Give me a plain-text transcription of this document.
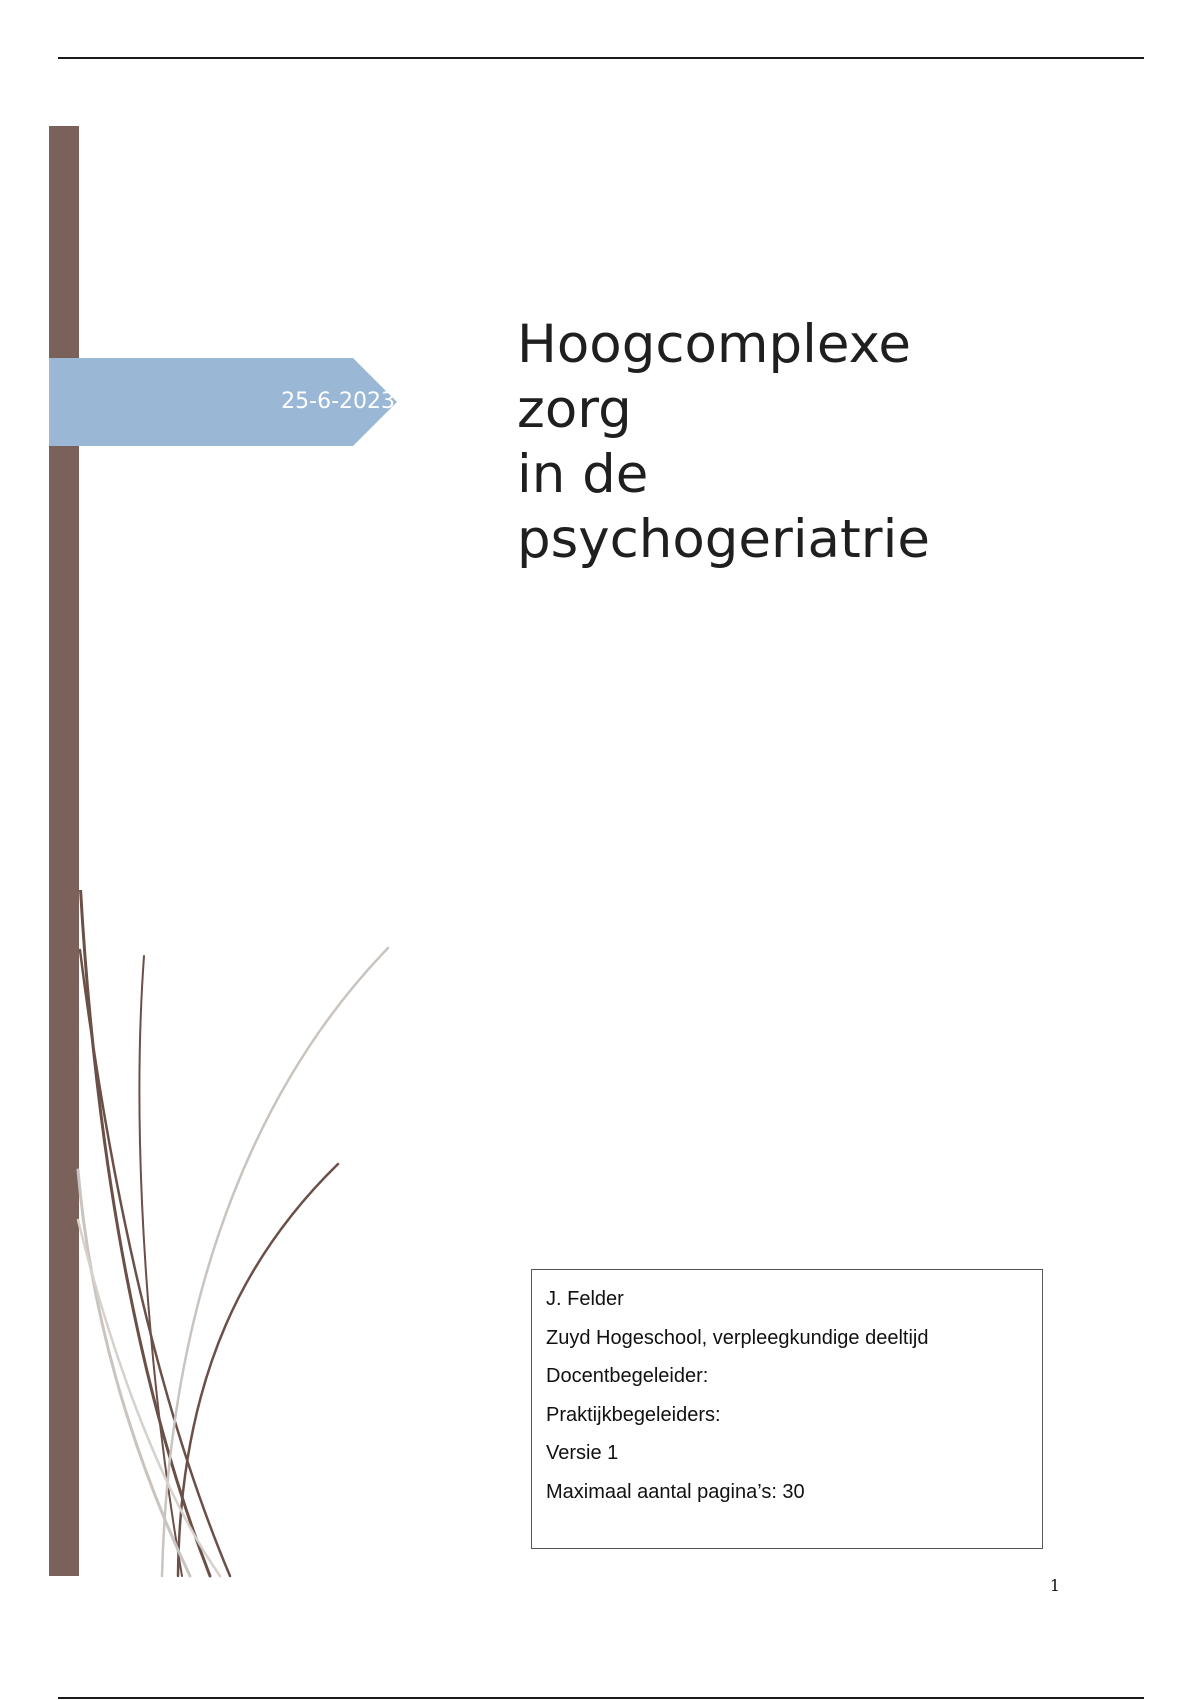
25-6-2023
Hoogcomplexe
zorg
in de
psychogeriatrie
J. Felder
Zuyd Hogeschool, verpleegkundige deeltijd
Docentbegeleider:
Praktijkbegeleiders:
Versie 1
Maximaal aantal pagina’s: 30
1
